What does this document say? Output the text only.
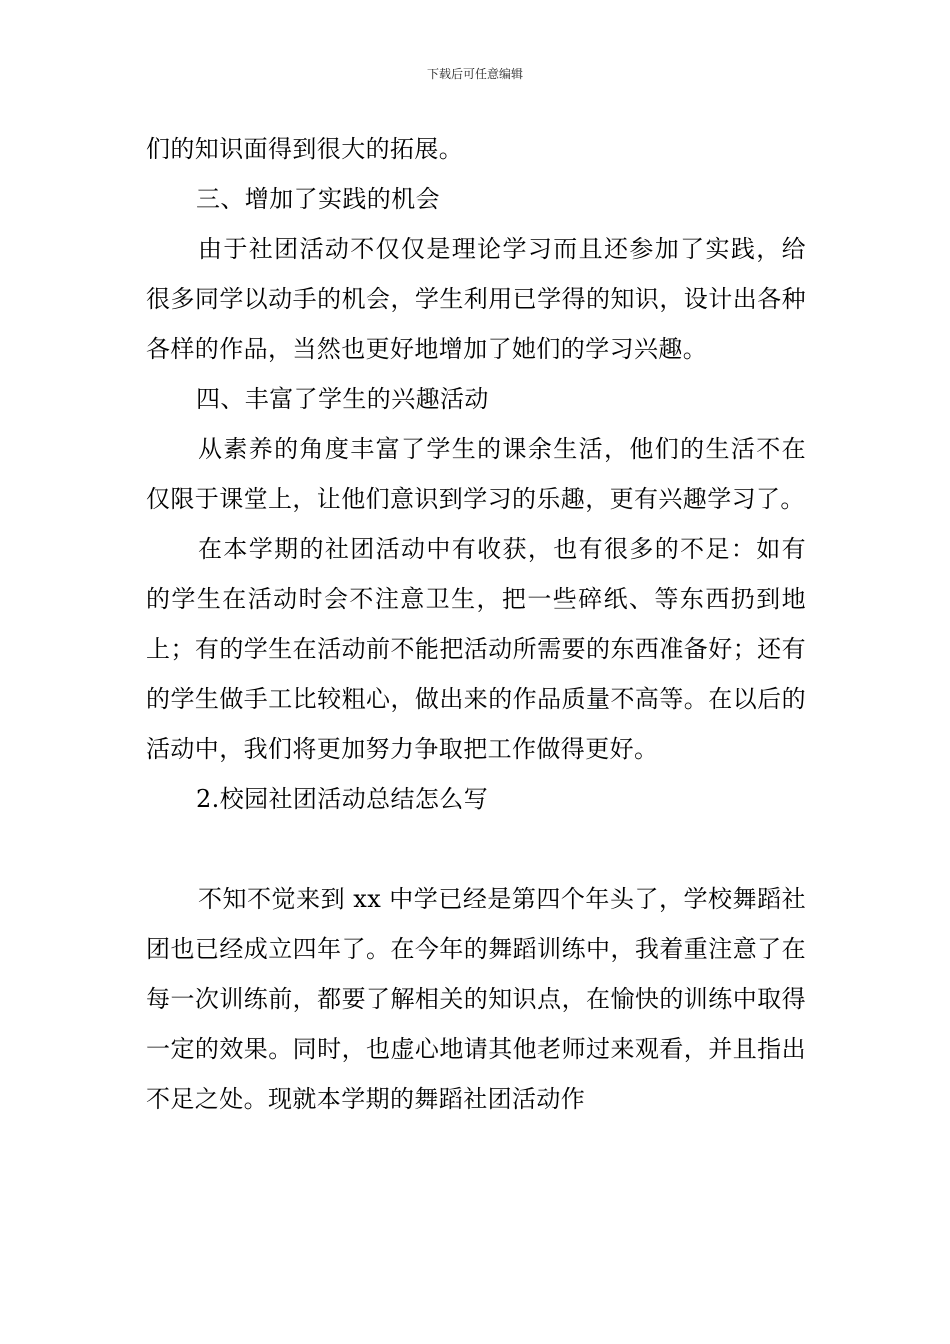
下载后可任意编辑

们的知识面得到很大的拓展。

三、增加了实践的机会

由于社团活动不仅仅是理论学习而且还参加了实践，给很多同学以动手的机会，学生利用已学得的知识，设计出各种各样的作品，当然也更好地增加了她们的学习兴趣。

四、丰富了学生的兴趣活动

从素养的角度丰富了学生的课余生活，他们的生活不在仅限于课堂上，让他们意识到学习的乐趣，更有兴趣学习了。

在本学期的社团活动中有收获，也有很多的不足：如有的学生在活动时会不注意卫生，把一些碎纸、等东西扔到地上；有的学生在活动前不能把活动所需要的东西准备好；还有的学生做手工比较粗心，做出来的作品质量不高等。在以后的活动中，我们将更加努力争取把工作做得更好。

2.校园社团活动总结怎么写

不知不觉来到 xx 中学已经是第四个年头了，学校舞蹈社团也已经成立四年了。在今年的舞蹈训练中，我着重注意了在每一次训练前，都要了解相关的知识点，在愉快的训练中取得一定的效果。同时，也虚心地请其他老师过来观看，并且指出不足之处。现就本学期的舞蹈社团活动作
